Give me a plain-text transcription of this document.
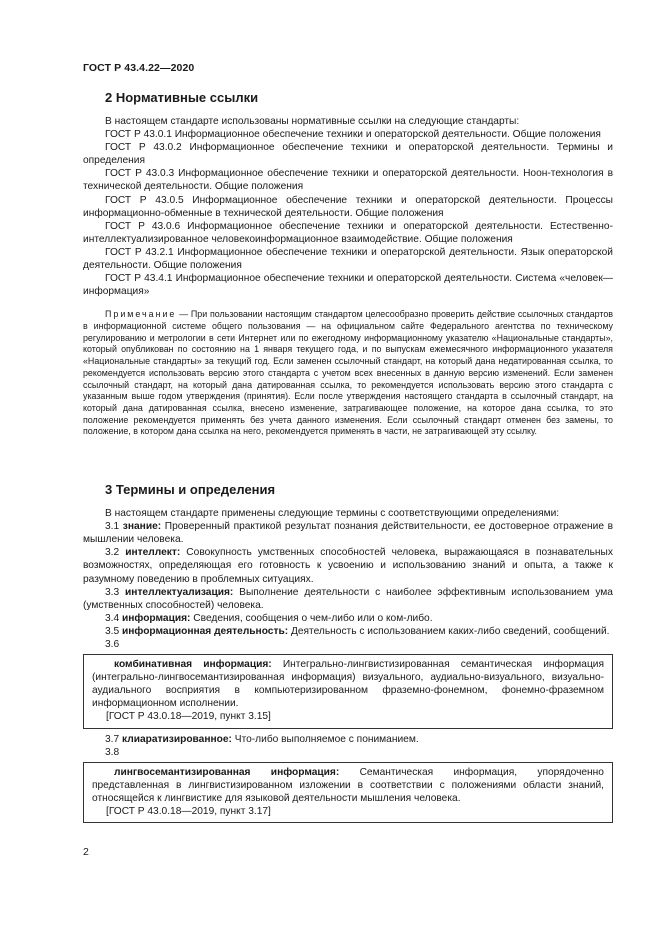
ГОСТ Р 43.4.22—2020
2 Нормативные ссылки

В настоящем стандарте использованы нормативные ссылки на следующие стандарты:

ГОСТ Р 43.0.1 Информационное обеспечение техники и операторской деятельности. Общие положения

ГОСТ Р 43.0.2 Информационное обеспечение техники и операторской деятельности. Термины и определения

ГОСТ Р 43.0.3 Информационное обеспечение техники и операторской деятельности. Ноон-технология в технической деятельности. Общие положения

ГОСТ Р 43.0.5 Информационное обеспечение техники и операторской деятельности. Процессы информационно-обменные в технической деятельности. Общие положения

ГОСТ Р 43.0.6 Информационное обеспечение техники и операторской деятельности. Естественно-интеллектуализированное человекоинформационное взаимодействие. Общие положения

ГОСТ Р 43.2.1 Информационное обеспечение техники и операторской деятельности. Язык операторской деятельности. Общие положения

ГОСТ Р 43.4.1 Информационное обеспечение техники и операторской деятельности. Система «человек—информация»

Примечание — При пользовании настоящим стандартом целесообразно проверить действие ссылочных стандартов в информационной системе общего пользования — на официальном сайте Федерального агентства по техническому регулированию и метрологии в сети Интернет или по ежегодному информационному указателю «Национальные стандарты», который опубликован по состоянию на 1 января текущего года, и по выпускам ежемесячного информационного указателя «Национальные стандарты» за текущий год. Если заменен ссылочный стандарт, на который дана недатированная ссылка, то рекомендуется использовать версию этого стандарта с учетом всех внесенных в данную версию изменений. Если заменен ссылочный стандарт, на который дана датированная ссылка, то рекомендуется использовать версию этого стандарта с указанным выше годом утверждения (принятия). Если после утверждения настоящего стандарта в ссылочный стандарт, на который дана датированная ссылка, внесено изменение, затрагивающее положение, на которое дана ссылка, то это положение рекомендуется применять без учета данного изменения. Если ссылочный стандарт отменен без замены, то положение, в котором дана ссылка на него, рекомендуется применять в части, не затрагивающей эту ссылку.

3 Термины и определения

В настоящем стандарте применены следующие термины с соответствующими определениями:

3.1 знание: Проверенный практикой результат познания действительности, ее достоверное отражение в мышлении человека.

3.2 интеллект: Совокупность умственных способностей человека, выражающаяся в познавательных возможностях, определяющая его готовность к усвоению и использованию знаний и опыта, а также к разумному поведению в проблемных ситуациях.

3.3 интеллектуализация: Выполнение деятельности с наиболее эффективным использованием ума (умственных способностей) человека.

3.4 информация: Сведения, сообщения о чем-либо или о ком-либо.

3.5 информационная деятельность: Деятельность с использованием каких-либо сведений, сообщений.

3.6

комбинативная информация: Интегрально-лингвистизированная семантическая информация (интегрально-лингвосемантизированная информация) визуального, аудиально-визуального, визуально-аудиального восприятия в компьютеризированном фраземно-фонемном, фонемно-фраземном информационном исполнении.

[ГОСТ Р 43.0.18—2019, пункт 3.15]

3.7 клиаратизированное: Что-либо выполняемое с пониманием.

3.8

лингвосемантизированная информация: Семантическая информация, упорядоченно представленная в лингвистизированном изложении в соответствии с положениями области знаний, относящейся к лингвистике для языковой деятельности мышления человека.

[ГОСТ Р 43.0.18—2019, пункт 3.17]
2
